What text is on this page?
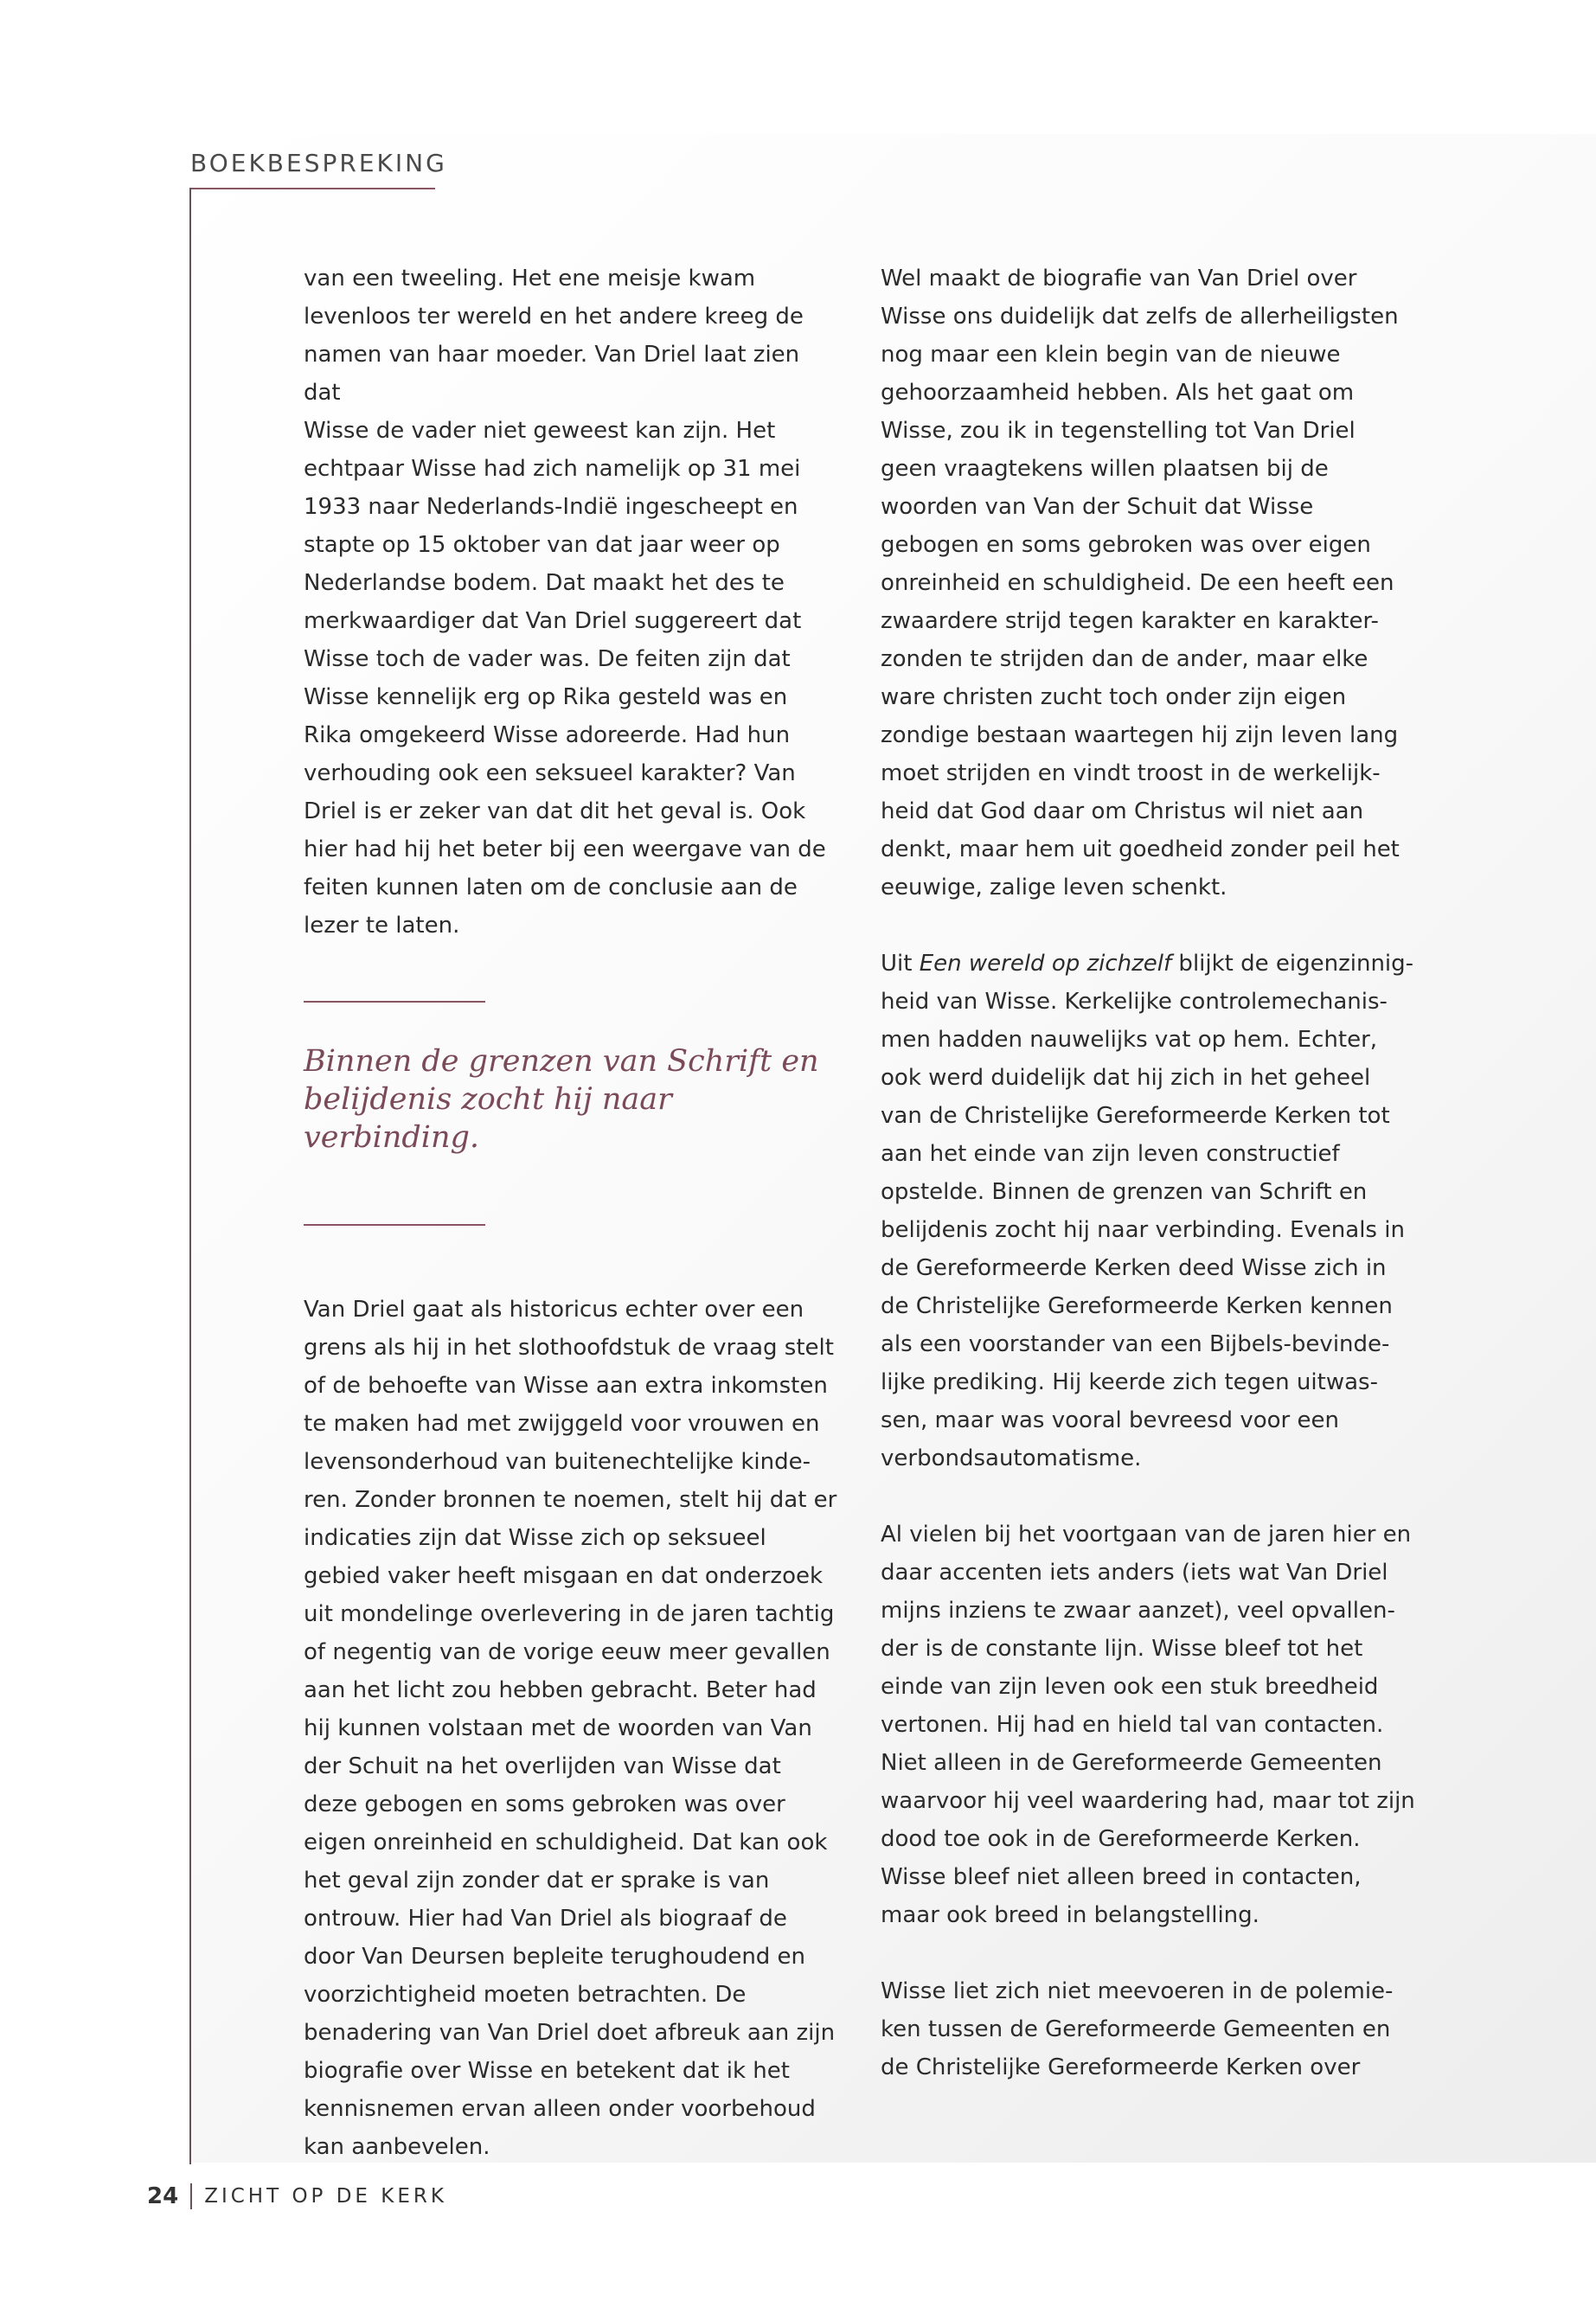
BOEKBESPREKING

van een tweeling. Het ene meisje kwam
levenloos ter wereld en het andere kreeg de
namen van haar moeder. Van Driel laat zien dat
Wisse de vader niet geweest kan zijn. Het
echtpaar Wisse had zich namelijk op 31 mei
1933 naar Nederlands-Indië ingescheept en
stapte op 15 oktober van dat jaar weer op
Nederlandse bodem. Dat maakt het des te
merkwaardiger dat Van Driel suggereert dat
Wisse toch de vader was. De feiten zijn dat
Wisse kennelijk erg op Rika gesteld was en
Rika omgekeerd Wisse adoreerde. Had hun
verhouding ook een seksueel karakter? Van
Driel is er zeker van dat dit het geval is. Ook
hier had hij het beter bij een weergave van de
feiten kunnen laten om de conclusie aan de
lezer te laten.

Binnen de grenzen van Schrift en
belijdenis zocht hij naar verbinding.

Van Driel gaat als historicus echter over een
grens als hij in het slothoofdstuk de vraag stelt
of de behoefte van Wisse aan extra inkomsten
te maken had met zwijggeld voor vrouwen en
levensonderhoud van buitenechtelijke kinde-
ren. Zonder bronnen te noemen, stelt hij dat er
indicaties zijn dat Wisse zich op seksueel
gebied vaker heeft misgaan en dat onderzoek
uit mondelinge overlevering in de jaren tachtig
of negentig van de vorige eeuw meer gevallen
aan het licht zou hebben gebracht. Beter had
hij kunnen volstaan met de woorden van Van
der Schuit na het overlijden van Wisse dat
deze gebogen en soms gebroken was over
eigen onreinheid en schuldigheid. Dat kan ook
het geval zijn zonder dat er sprake is van
ontrouw. Hier had Van Driel als biograaf de
door Van Deursen bepleite terughoudend en
voorzichtigheid moeten betrachten. De
benadering van Van Driel doet afbreuk aan zijn
biografie over Wisse en betekent dat ik het
kennisnemen ervan alleen onder voorbehoud
kan aanbevelen.

Wel maakt de biografie van Van Driel over
Wisse ons duidelijk dat zelfs de allerheiligsten
nog maar een klein begin van de nieuwe
gehoorzaamheid hebben. Als het gaat om
Wisse, zou ik in tegenstelling tot Van Driel
geen vraagtekens willen plaatsen bij de
woorden van Van der Schuit dat Wisse
gebogen en soms gebroken was over eigen
onreinheid en schuldigheid. De een heeft een
zwaardere strijd tegen karakter en karakter-
zonden te strijden dan de ander, maar elke
ware christen zucht toch onder zijn eigen
zondige bestaan waartegen hij zijn leven lang
moet strijden en vindt troost in de werkelijk-
heid dat God daar om Christus wil niet aan
denkt, maar hem uit goedheid zonder peil het
eeuwige, zalige leven schenkt.

Uit Een wereld op zichzelf blijkt de eigenzinnig-
heid van Wisse. Kerkelijke controlemechanis-
men hadden nauwelijks vat op hem. Echter,
ook werd duidelijk dat hij zich in het geheel
van de Christelijke Gereformeerde Kerken tot
aan het einde van zijn leven constructief
opstelde. Binnen de grenzen van Schrift en
belijdenis zocht hij naar verbinding. Evenals in
de Gereformeerde Kerken deed Wisse zich in
de Christelijke Gereformeerde Kerken kennen
als een voorstander van een Bijbels-bevinde-
lijke prediking. Hij keerde zich tegen uitwas-
sen, maar was vooral bevreesd voor een
verbondsautomatisme.

Al vielen bij het voortgaan van de jaren hier en
daar accenten iets anders (iets wat Van Driel
mijns inziens te zwaar aanzet), veel opvallen-
der is de constante lijn. Wisse bleef tot het
einde van zijn leven ook een stuk breedheid
vertonen. Hij had en hield tal van contacten.
Niet alleen in de Gereformeerde Gemeenten
waarvoor hij veel waardering had, maar tot zijn
dood toe ook in de Gereformeerde Kerken.
Wisse bleef niet alleen breed in contacten,
maar ook breed in belangstelling.

Wisse liet zich niet meevoeren in de polemie-
ken tussen de Gereformeerde Gemeenten en
de Christelijke Gereformeerde Kerken over

24 ZICHT OP DE KERK
